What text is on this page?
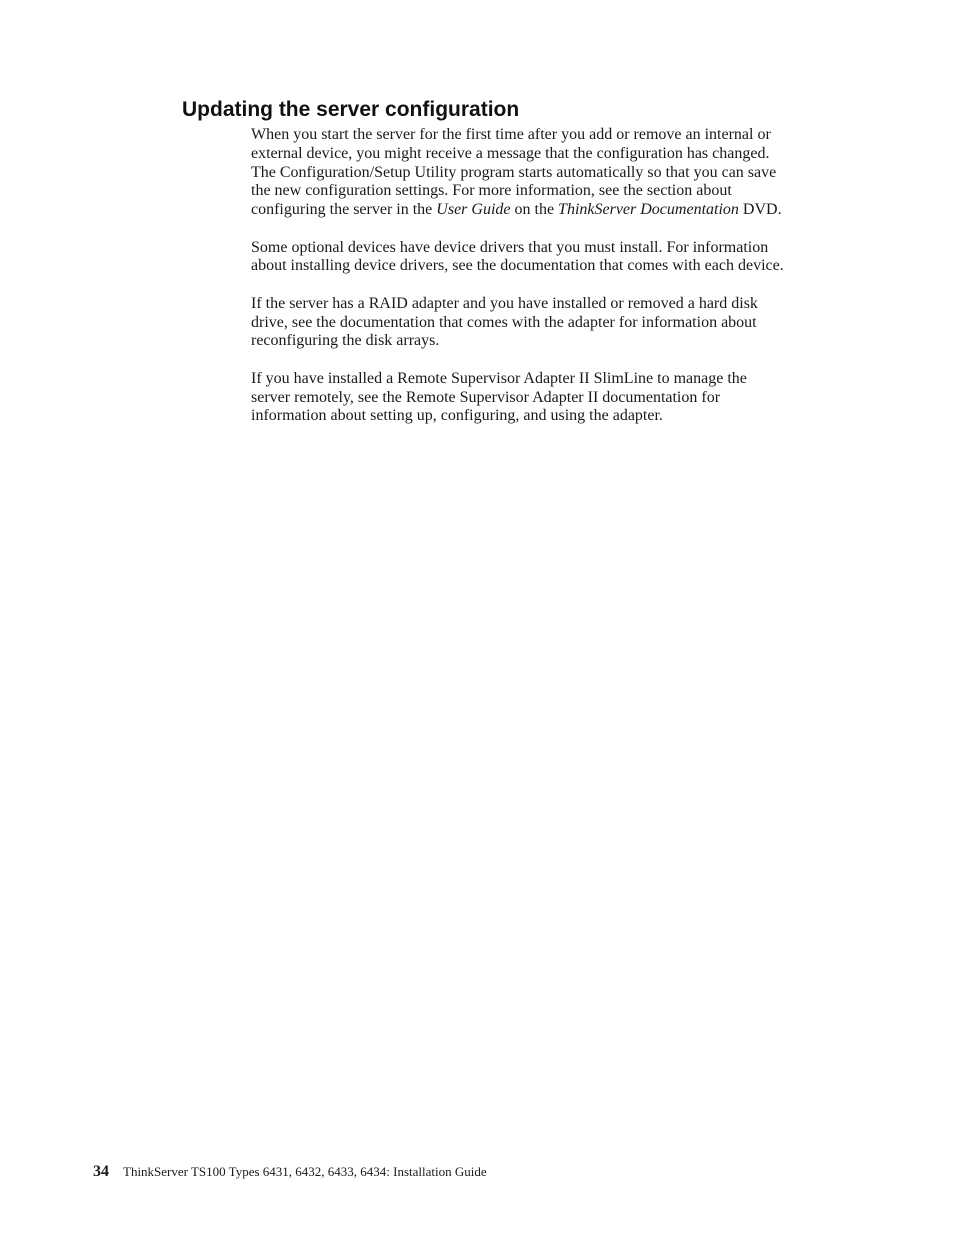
Updating the server configuration

When you start the server for the first time after you add or remove an internal or
external device, you might receive a message that the configuration has changed.
The Configuration/Setup Utility program starts automatically so that you can save
the new configuration settings. For more information, see the section about
configuring the server in the User Guide on the ThinkServer Documentation DVD.

Some optional devices have device drivers that you must install. For information
about installing device drivers, see the documentation that comes with each device.

If the server has a RAID adapter and you have installed or removed a hard disk
drive, see the documentation that comes with the adapter for information about
reconfiguring the disk arrays.

If you have installed a Remote Supervisor Adapter II SlimLine to manage the
server remotely, see the Remote Supervisor Adapter II documentation for
information about setting up, configuring, and using the adapter.

34 ThinkServer TS100 Types 6431, 6432, 6433, 6434: Installation Guide
